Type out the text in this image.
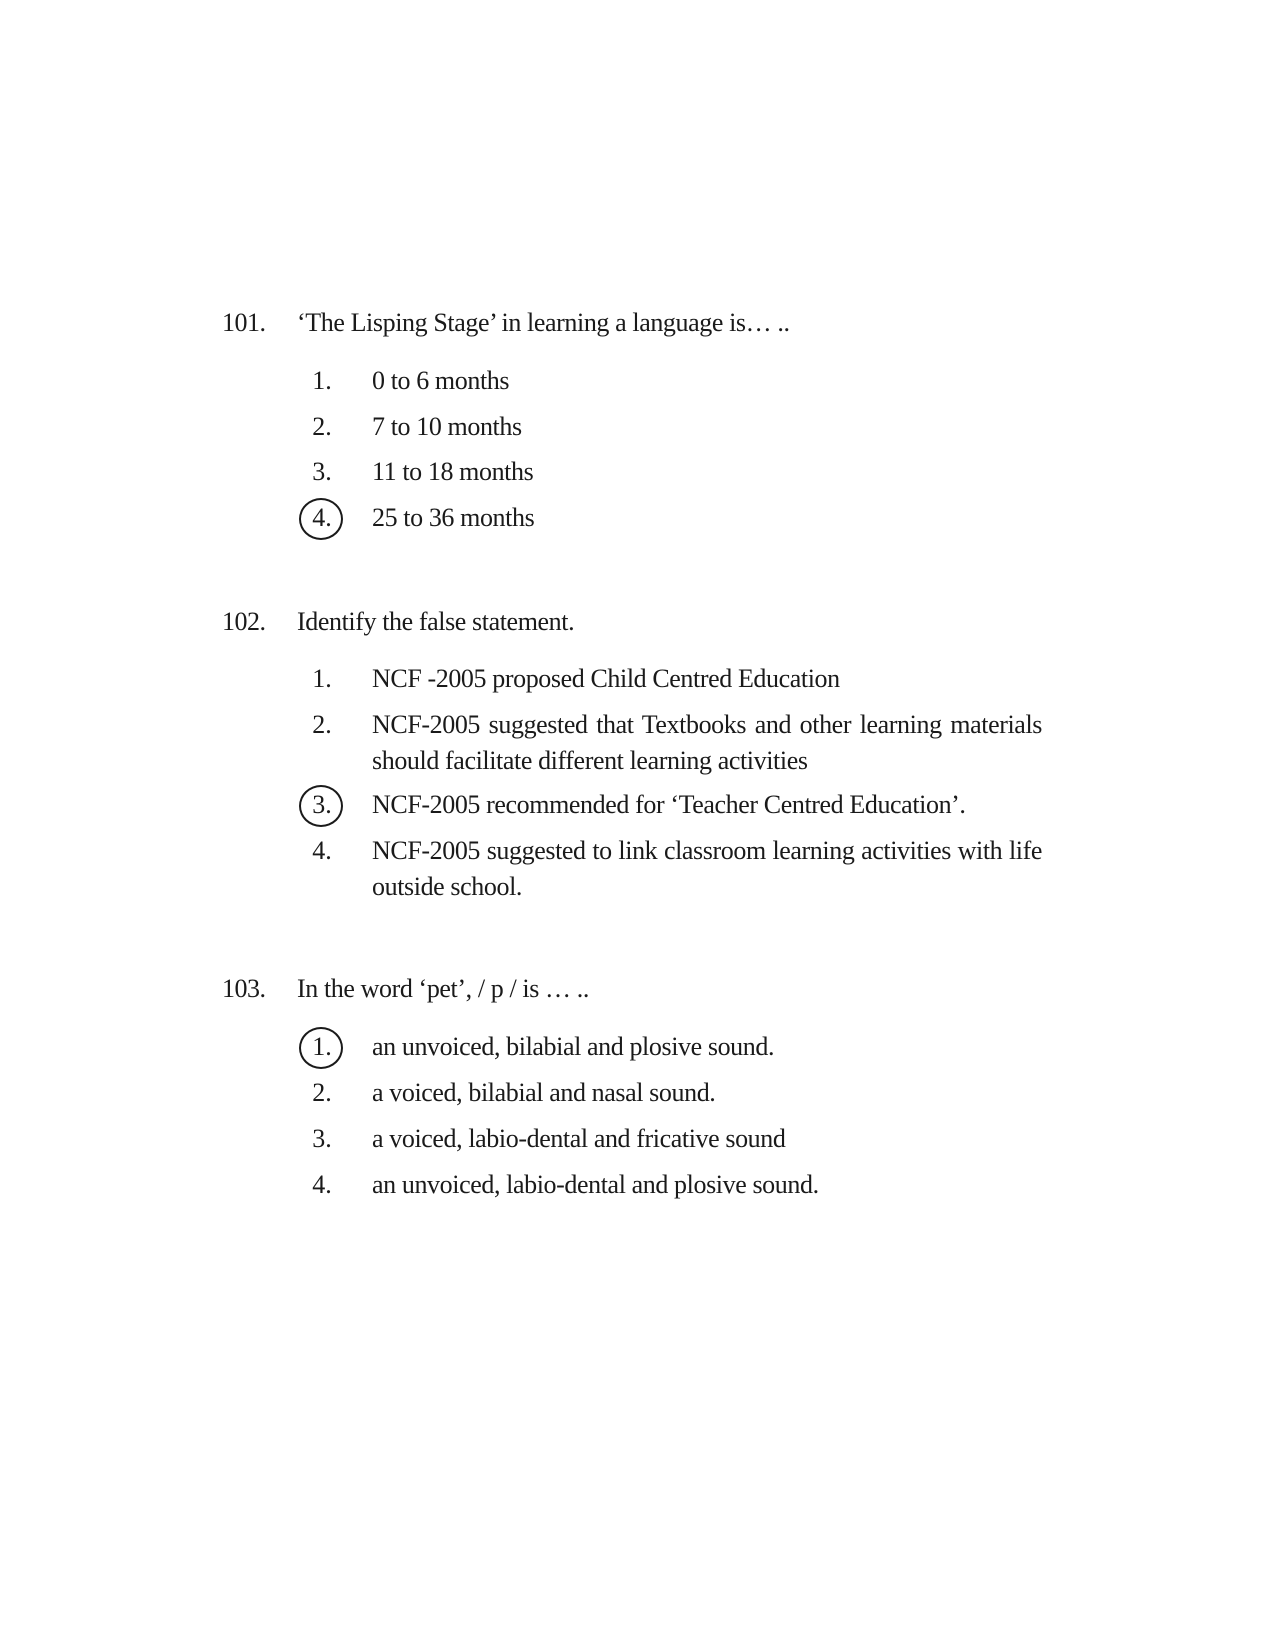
101. ‘The Lisping Stage’ in learning a language is… ..
1.	0 to 6 months
2.	7 to 10 months
3.	11 to 18 months
4.	25 to 36 months
102. Identify the false statement.
1.	NCF -2005 proposed Child Centred Education
2.	NCF-2005 suggested that Textbooks and other learning materials should facilitate different learning activities
3.	NCF-2005 recommended for ‘Teacher Centred Education’.
4.	NCF-2005 suggested to link classroom learning activities with life outside school.
103. In the word ‘pet’, / p / is … ..
1.	an unvoiced, bilabial and plosive sound.
2.	a voiced, bilabial and nasal sound.
3.	a voiced, labio-dental and fricative sound
4.	an unvoiced, labio-dental and plosive sound.
